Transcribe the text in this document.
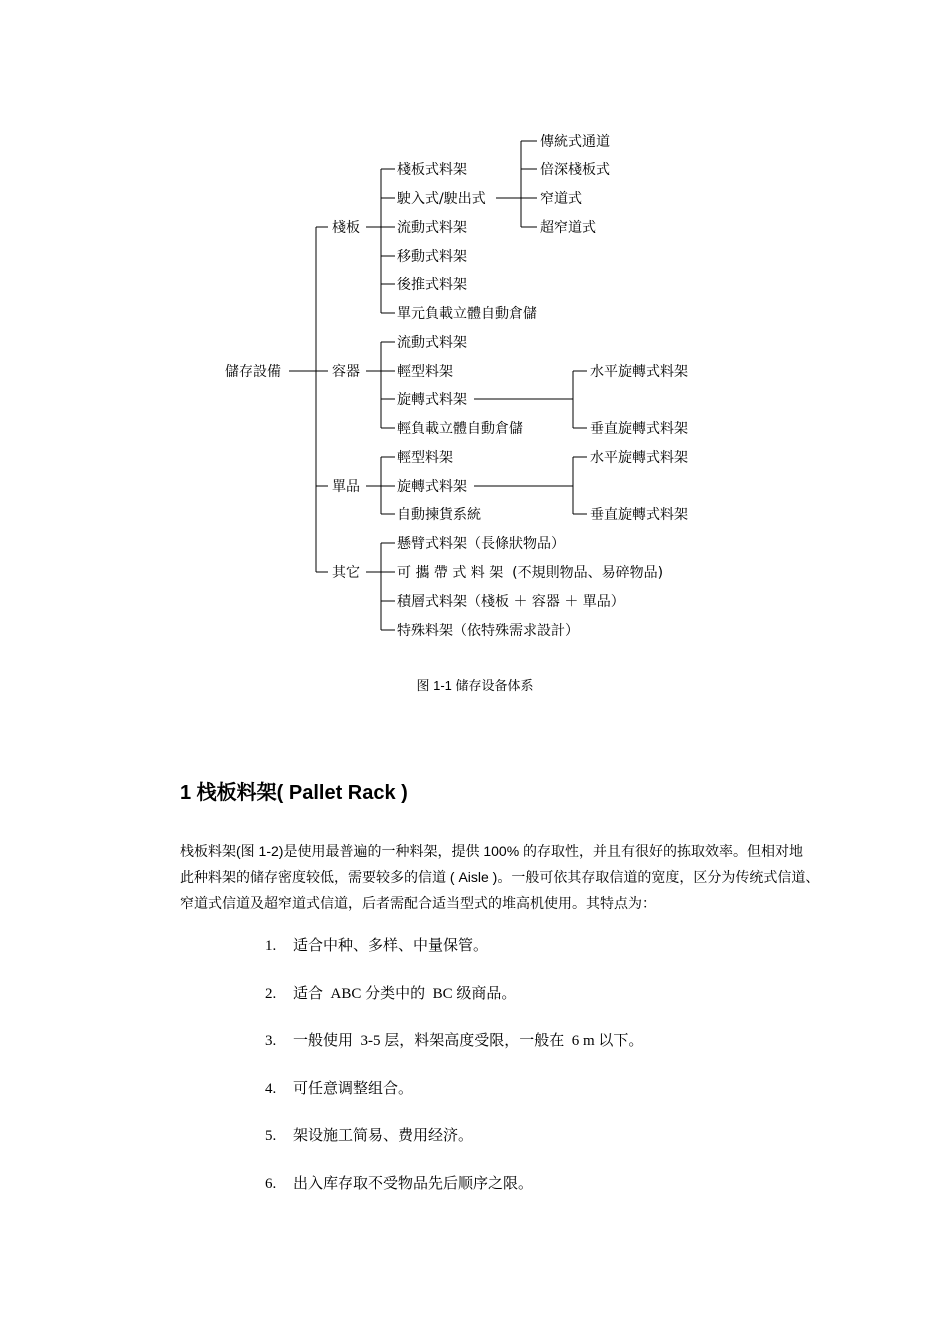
儲存設備
棧板
棧板式料架
駛入式/駛出式
流動式料架
移動式料架
後推式料架
單元負載立體自動倉儲
傳統式通道
倍深棧板式
窄道式
超窄道式
容器
流動式料架
輕型料架
旋轉式料架
輕負載立體自動倉儲
水平旋轉式料架
垂直旋轉式料架
單品
輕型料架
旋轉式料架
自動揀貨系統
水平旋轉式料架
垂直旋轉式料架
其它
懸臂式料架（長條狀物品）
可 攜 帶 式 料 架  (不規則物品、易碎物品)
積層式料架（棧板 ＋ 容器 ＋ 單品）
特殊料架（依特殊需求設計）
图 1-1 储存设备体系
1 栈板料架( Pallet Rack )
栈板料架(图 1-2)是使用最普遍的一种料架，提供 100% 的存取性，并且有很好的拣取效率。但相对地
此种料架的储存密度较低，需要较多的信道 ( Aisle )。一般可依其存取信道的宽度，区分为传统式信道、
窄道式信道及超窄道式信道，后者需配合适当型式的堆高机使用。其特点为：
1. 适合中种、多样、中量保管。
2. 适合  ABC 分类中的  BC 级商品。
3. 一般使用  3-5 层，料架高度受限，一般在  6 m 以下。
4. 可任意调整组合。
5. 架设施工简易、费用经济。
6. 出入库存取不受物品先后顺序之限。
